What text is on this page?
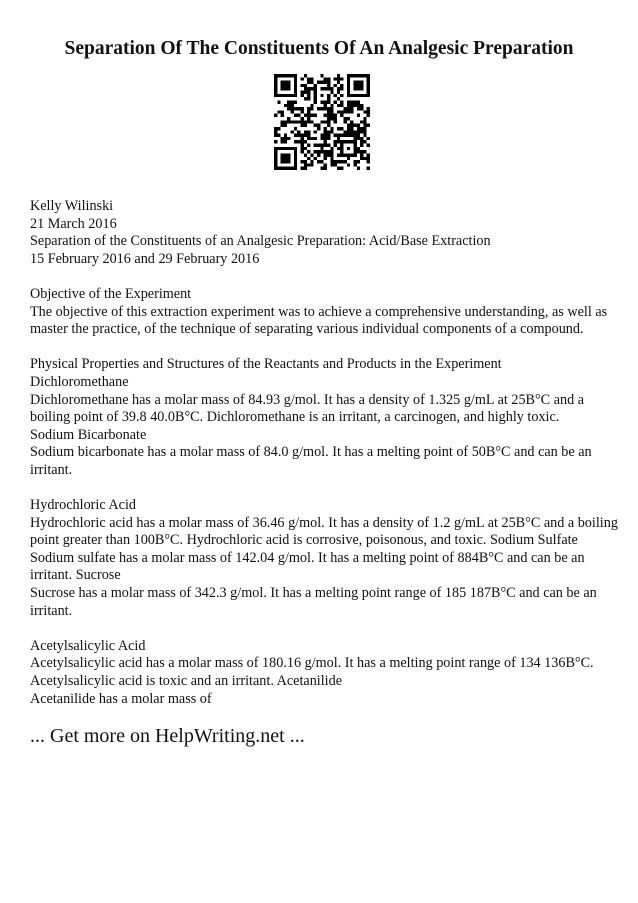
Separation Of The Constituents Of An Analgesic Preparation

Kelly Wilinski

21 March 2016

Separation of the Constituents of an Analgesic Preparation: Acid/Base Extraction

15 February 2016 and 29 February 2016

Objective of the Experiment

The objective of this extraction experiment was to achieve a comprehensive understanding, as well as master the practice, of the technique of separating various individual components of a compound.

Physical Properties and Structures of the Reactants and Products in the Experiment

Dichloromethane

Dichloromethane has a molar mass of 84.93 g/mol. It has a density of 1.325 g/mL at 25B°C and a boiling point of 39.8 40.0B°C. Dichloromethane is an irritant, a carcinogen, and highly toxic.

Sodium Bicarbonate

Sodium bicarbonate has a molar mass of 84.0 g/mol. It has a melting point of 50B°C and can be an irritant.

Hydrochloric Acid

Hydrochloric acid has a molar mass of 36.46 g/mol. It has a density of 1.2 g/mL at 25B°C and a boiling point greater than 100B°C. Hydrochloric acid is corrosive, poisonous, and toxic. Sodium Sulfate

Sodium sulfate has a molar mass of 142.04 g/mol. It has a melting point of 884B°C and can be an irritant. Sucrose

Sucrose has a molar mass of 342.3 g/mol. It has a melting point range of 185 187B°C and can be an irritant.

Acetylsalicylic Acid

Acetylsalicylic acid has a molar mass of 180.16 g/mol. It has a melting point range of 134 136B°C. Acetylsalicylic acid is toxic and an irritant. Acetanilide

Acetanilide has a molar mass of

... Get more on HelpWriting.net ...
